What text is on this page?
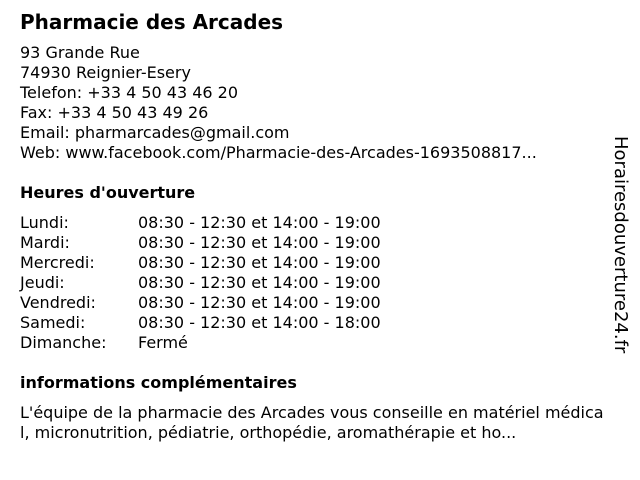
Pharmacie des Arcades
93 Grande Rue
74930 Reignier-Esery
Telefon: +33 4 50 43 46 20
Fax: +33 4 50 43 49 26
Email: pharmarcades@gmail.com
Web: www.facebook.com/Pharmacie-des-Arcades-1693508817...
Heures d'ouverture
Lundi:	08:30 - 12:30 et 14:00 - 19:00
Mardi:	08:30 - 12:30 et 14:00 - 19:00
Mercredi:	08:30 - 12:30 et 14:00 - 19:00
Jeudi:	08:30 - 12:30 et 14:00 - 19:00
Vendredi:	08:30 - 12:30 et 14:00 - 19:00
Samedi:	08:30 - 12:30 et 14:00 - 18:00
Dimanche:	Fermé
informations complémentaires
L'équipe de la pharmacie des Arcades vous conseille en matériel médical, micronutrition, pédiatrie, orthopédie, aromathérapie et ho...
Horairesdouverture24.fr
